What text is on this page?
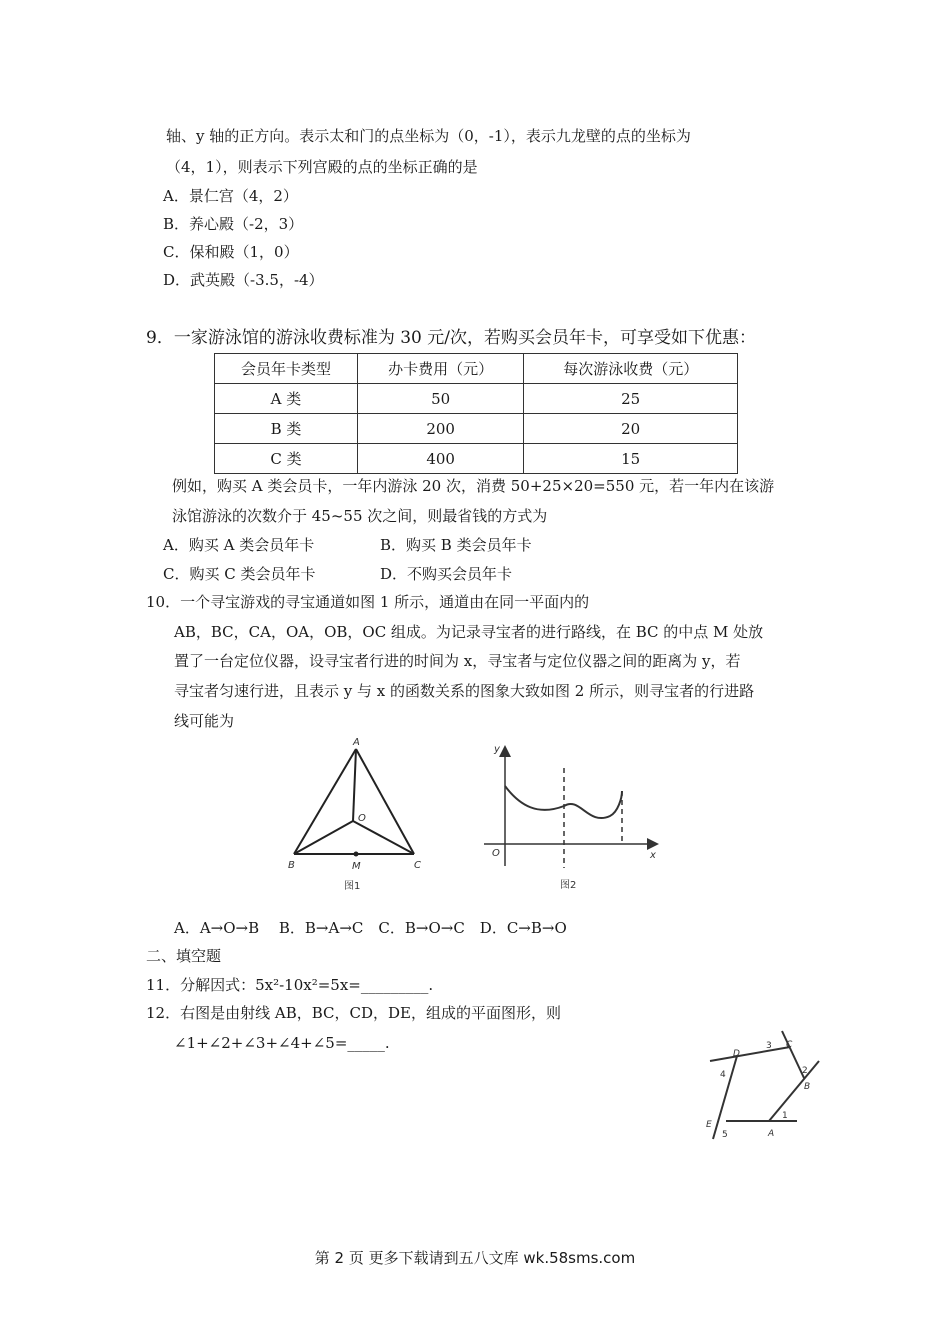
轴、y 轴的正方向。表示太和门的点坐标为（0，-1），表示九龙壁的点的坐标为
（4，1），则表示下列宫殿的点的坐标正确的是
A．景仁宫（4，2）
B．养心殿（-2，3）
C．保和殿（1，0）
D．武英殿（-3.5，-4）
9．一家游泳馆的游泳收费标准为 30 元/次，若购买会员年卡，可享受如下优惠：
会员年卡类型	办卡费用（元）	每次游泳收费（元）
A 类	50	25
B 类	200	20
C 类	400	15
例如，购买 A 类会员卡，一年内游泳 20 次，消费 50+25×20=550 元，若一年内在该游
泳馆游泳的次数介于 45~55 次之间，则最省钱的方式为
A．购买 A 类会员年卡	B．购买 B 类会员年卡
C．购买 C 类会员年卡	D．不购买会员年卡
10．一个寻宝游戏的寻宝通道如图 1 所示，通道由在同一平面内的
AB，BC，CA，OA，OB，OC 组成。为记录寻宝者的进行路线，在 BC 的中点 M 处放
置了一台定位仪器，设寻宝者行进的时间为 x，寻宝者与定位仪器之间的距离为 y，若
寻宝者匀速行进，且表示 y 与 x 的函数关系的图象大致如图 2 所示，则寻宝者的行进路
线可能为
A
B	C
O
M
图1
y
x
O
图2
A．A→O→B　 B．B→A→C　C．B→O→C　D．C→B→O
二、填空题
11．分解因式：5x²-10x²=5x=_________.
12．右图是由射线 AB，BC，CD，DE，组成的平面图形，则
∠1+∠2+∠3+∠4+∠5=_____.
A
B
C
D
E
1
2
3
4
5
第 2 页 更多下载请到五八文库 wk.58sms.com
